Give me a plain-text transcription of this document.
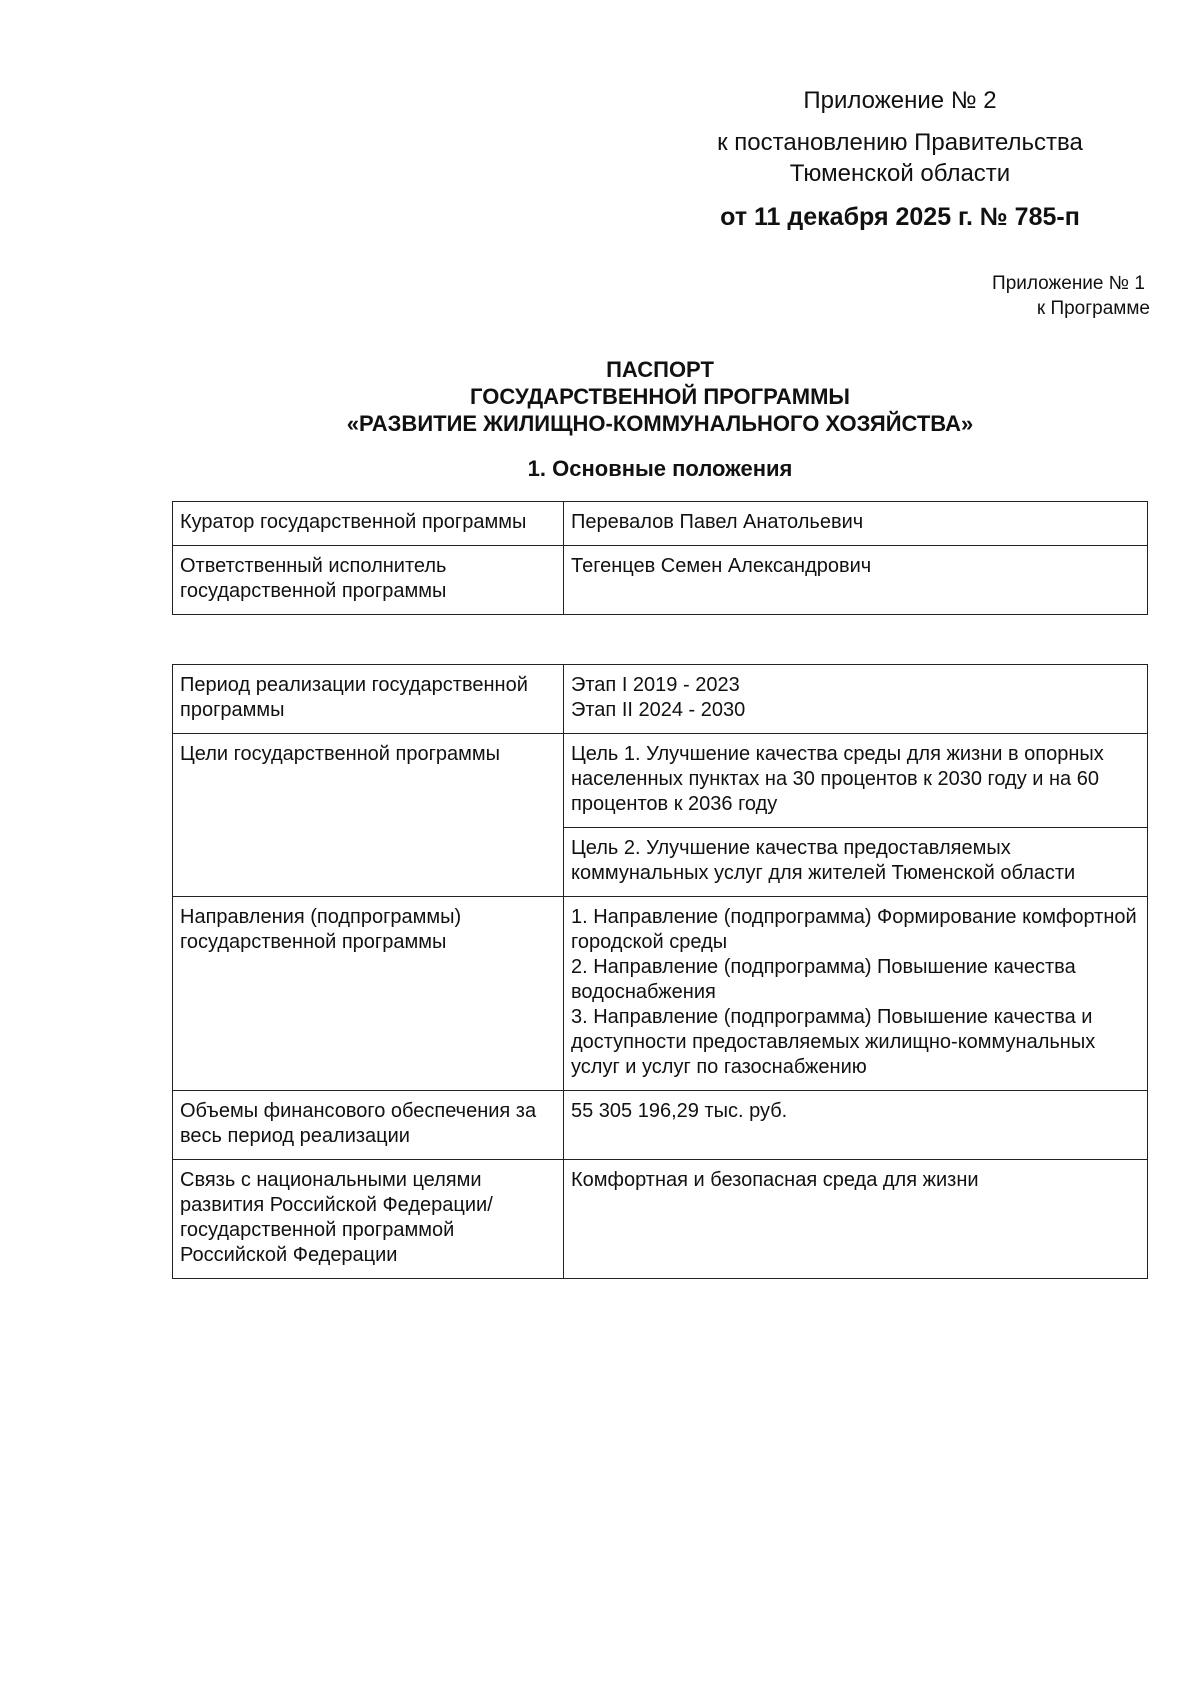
Приложение № 2
к постановлению Правительства
Тюменской области
от 11 декабря 2025 г. № 785-п
Приложение № 1
к Программе
ПАСПОРТ
ГОСУДАРСТВЕННОЙ ПРОГРАММЫ
«РАЗВИТИЕ ЖИЛИЩНО-КОММУНАЛЬНОГО ХОЗЯЙСТВА»
1. Основные положения
Куратор государственной программы	Перевалов Павел Анатольевич
Ответственный исполнитель государственной программы	Тегенцев Семен Александрович
Период реализации государственной программы	Этап I 2019 - 2023
Этап II 2024 - 2030
Цели государственной программы	Цель 1. Улучшение качества среды для жизни в опорных населенных пунктах на 30 процентов к 2030 году и на 60 процентов к 2036 году
	Цель 2. Улучшение качества предоставляемых коммунальных услуг для жителей Тюменской области
Направления (подпрограммы) государственной программы	1. Направление (подпрограмма) Формирование комфортной городской среды
2. Направление (подпрограмма) Повышение качества водоснабжения
3. Направление (подпрограмма) Повышение качества и доступности предоставляемых жилищно-коммунальных услуг и услуг по газоснабжению
Объемы финансового обеспечения за весь период реализации	55 305 196,29 тыс. руб.
Связь с национальными целями развития Российской Федерации/ государственной программой Российской Федерации	Комфортная и безопасная среда для жизни
